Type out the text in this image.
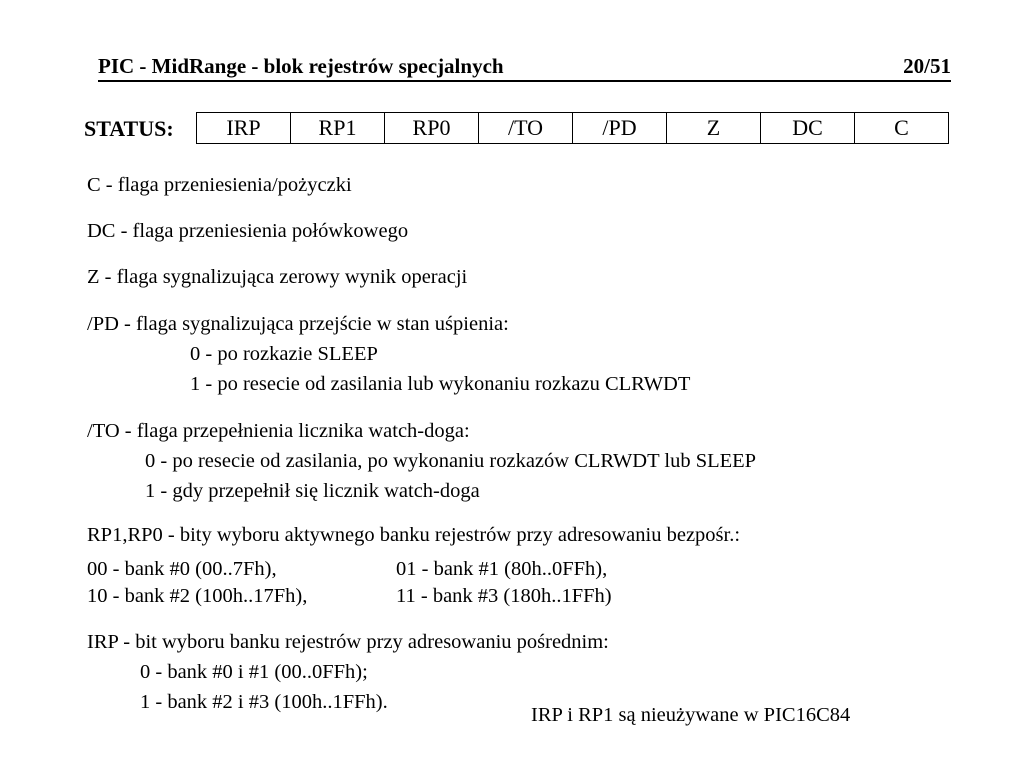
PIC - MidRange - blok rejestrów specjalnych	20/51
STATUS: IRP	RP1	RP0	/TO	/PD	Z	DC	C
C - flaga przeniesienia/pożyczki
DC - flaga przeniesienia połówkowego
Z - flaga sygnalizująca zerowy wynik operacji
/PD - flaga sygnalizująca przejście w stan uśpienia:
0 - po rozkazie SLEEP
1 - po resecie od zasilania lub wykonaniu rozkazu CLRWDT
/TO - flaga przepełnienia licznika watch-doga:
0 - po resecie od zasilania, po wykonaniu rozkazów CLRWDT lub SLEEP
1 - gdy przepełnił się licznik watch-doga
RP1,RP0 - bity wyboru aktywnego banku rejestrów przy adresowaniu bezpośr.:
00 - bank #0 (00..7Fh),	01 - bank #1 (80h..0FFh),
10 - bank #2 (100h..17Fh),	11 - bank #3 (180h..1FFh)
IRP - bit wyboru banku rejestrów przy adresowaniu pośrednim:
0 - bank #0 i #1 (00..0FFh);
1 - bank #2 i #3 (100h..1FFh).
IRP i RP1 są nieużywane w PIC16C84
